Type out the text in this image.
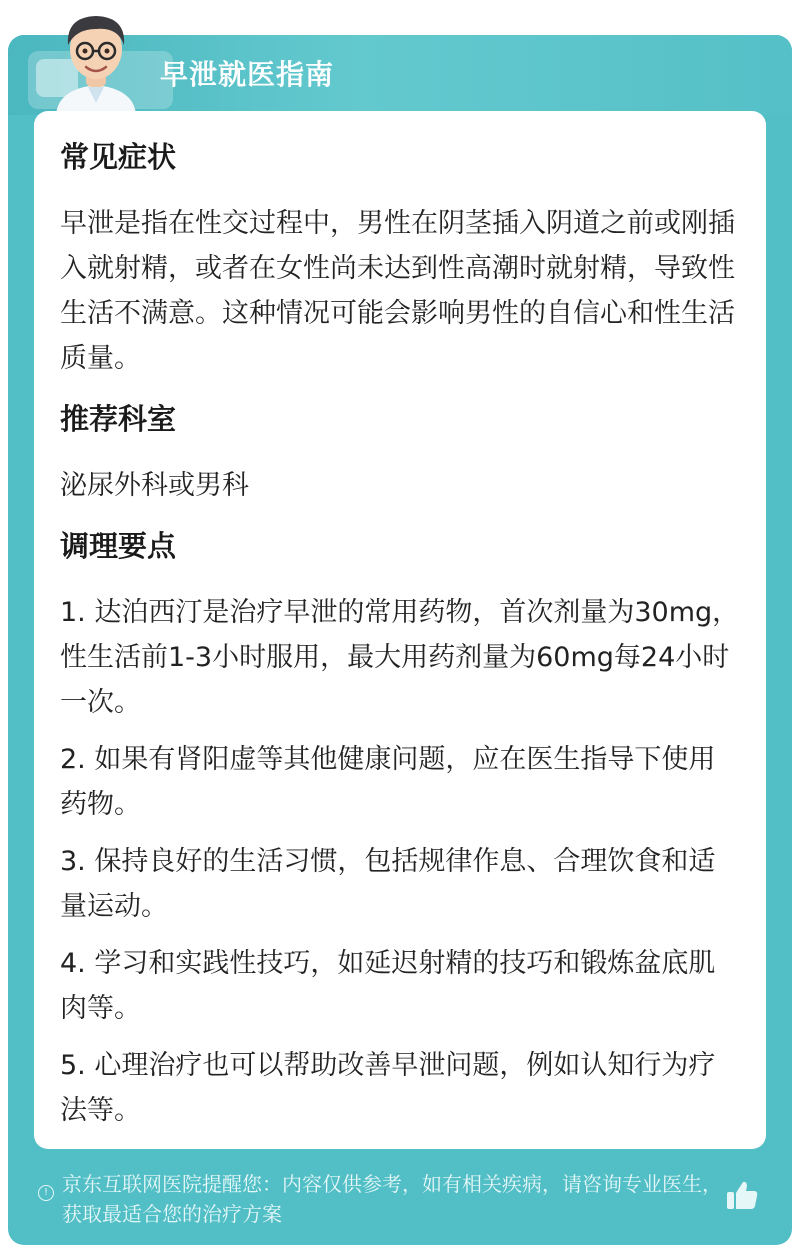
早泄就医指南
常见症状

早泄是指在性交过程中，男性在阴茎插入阴道之前或刚插入就射精，或者在女性尚未达到性高潮时就射精，导致性生活不满意。这种情况可能会影响男性的自信心和性生活质量。

推荐科室

泌尿外科或男科

调理要点

1. 达泊西汀是治疗早泄的常用药物，首次剂量为30mg，性生活前1-3小时服用，最大用药剂量为60mg每24小时一次。

2. 如果有肾阳虚等其他健康问题，应在医生指导下使用药物。

3. 保持良好的生活习惯，包括规律作息、合理饮食和适量运动。

4. 学习和实践性技巧，如延迟射精的技巧和锻炼盆底肌肉等。

5. 心理治疗也可以帮助改善早泄问题，例如认知行为疗法等。

! 京东互联网医院提醒您：内容仅供参考，如有相关疾病，请咨询专业医生，获取最适合您的治疗方案
